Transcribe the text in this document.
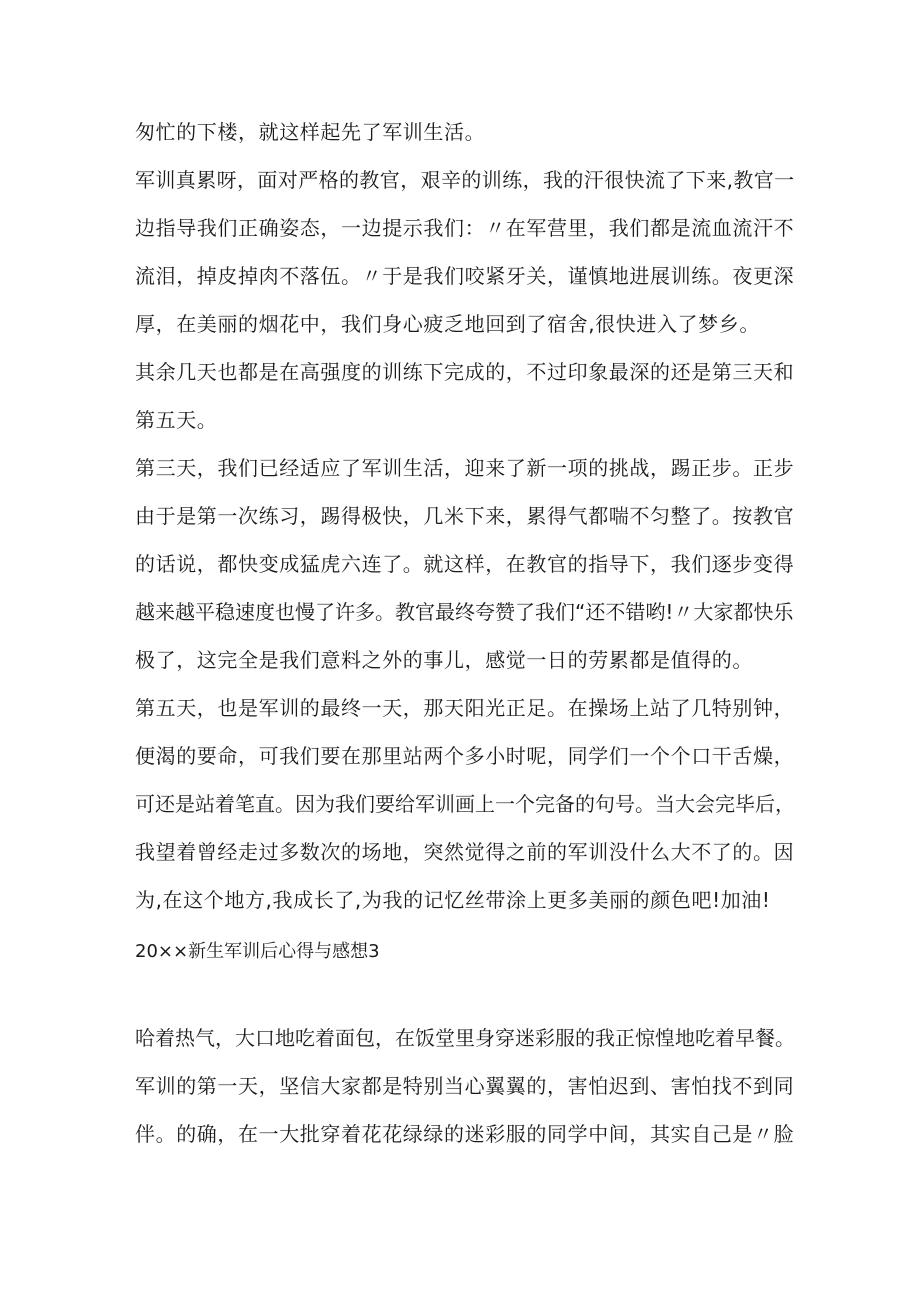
匆忙的下楼，就这样起先了军训生活。

军训真累呀，面对严格的教官，艰辛的训练，我的汗很快流了下来,教官一

边指导我们正确姿态，一边提示我们：〃在军营里，我们都是流血流汗不

流泪，掉皮掉肉不落伍。〃于是我们咬紧牙关，谨慎地进展训练。夜更深

厚，在美丽的烟花中，我们身心疲乏地回到了宿舍,很快进入了梦乡。

其余几天也都是在高强度的训练下完成的，不过印象最深的还是第三天和

第五天。

第三天，我们已经适应了军训生活，迎来了新一项的挑战，踢正步。正步

由于是第一次练习，踢得极快，几米下来，累得气都喘不匀整了。按教官

的话说，都快变成猛虎六连了。就这样，在教官的指导下，我们逐步变得

越来越平稳速度也慢了许多。教官最终夸赞了我们“还不错哟!〃大家都快乐

极了，这完全是我们意料之外的事儿，感觉一日的劳累都是值得的。

第五天，也是军训的最终一天，那天阳光正足。在操场上站了几特别钟，

便渴的要命，可我们要在那里站两个多小时呢，同学们一个个口干舌燥，

可还是站着笔直。因为我们要给军训画上一个完备的句号。当大会完毕后，

我望着曾经走过多数次的场地，突然觉得之前的军训没什么大不了的。因

为,在这个地方,我成长了,为我的记忆丝带涂上更多美丽的颜色吧!加油!

20××新生军训后心得与感想3

哈着热气，大口地吃着面包，在饭堂里身穿迷彩服的我正惊惶地吃着早餐。

军训的第一天，坚信大家都是特别当心翼翼的，害怕迟到、害怕找不到同

伴。的确，在一大批穿着花花绿绿的迷彩服的同学中间，其实自己是〃脸
